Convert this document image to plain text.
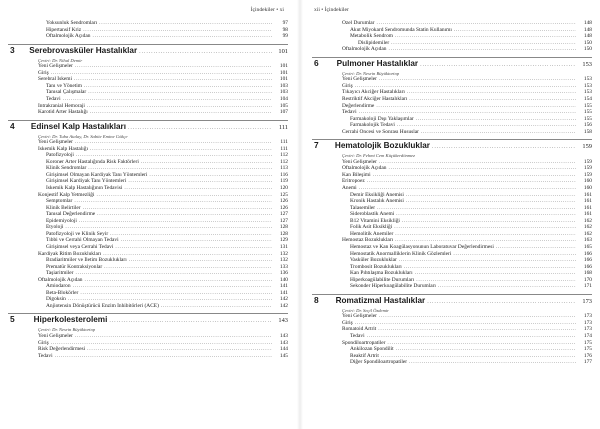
İçindekiler • xi
Yoksunluk Sendromları . . .	97
Hipertansif Kriz . . .	98
Oftalmolojik Açıdan . . .	99
3	Serebrovasküler Hastalıklar . . .	101
Çeviri: Dr. Nihal Demir
Yeni Gelişmeler . . .	101
Giriş . . .	101
Serebral İskemi . . .	101
Tanı ve Yönetim . . .	103
Tanısal Çalışmalar . . .	103
Tedavi . . .	104
İntrakranial Hemoraji . . .	105
Karotid Arter Hastalığı . . .	107
4	Edinsel Kalp Hastalıkları . . .	111
Çeviri: Dr. Tuba Atalay, Dr. Sabite Emine Gökçe
Yeni Gelişmeler . . .	111
İskemik Kalp Hastalığı . . .	111
Patofizyoloji . . .	112
Koroner Arter Hastalığında Risk Faktörleri . . .	112
Klinik Sendromlar . . .	113
Girişimsel Olmayan Kardiyak Tanı Yöntemleri . . .	116
Girişimsel Kardiyak Tanı Yöntemleri . . .	119
İskemik Kalp Hastalığının Tedavisi . . .	120
Konjestif Kalp Yetmezliği . . .	125
Semptomlar . . .	126
Klinik Belirtiler . . .	126
Tanısal Değerlendirme . . .	127
Epidemiyoloji . . .	127
Etyoloji . . .	128
Patofizyoloji ve Klinik Seyir . . .	128
Tıbbi ve Cerrahi Olmayan Tedavi . . .	129
Girişimsel veya Cerrahi Tedavi . . .	131
Kardiyak Ritim Bozuklukları . . .	132
Bradiaritmiler ve İletim Bozuklukları . . .	132
Prematür Kontraksiyonlar . . .	133
Taşiaritmiler . . .	136
Oftalmolojik Açıdan . . .	140
Amiodaron . . .	141
Beta-Blokörler . . .	141
Digoksin . . .	142
Anjiotensin Dönüştürücü Enzim İnhibitörleri (ACE) . . .	142
5	Hiperkolesterolemi . . .	143
Çeviri: Dr. Nesrin Büyüktortop
Yeni Gelişmeler . . .	143
Giriş . . .	143
Risk Değerlendirmesi . . .	144
Tedavi . . .	145
xii • İçindekiler
Özel Durumlar . . .	148
Akut Miyokard Sendromunda Statin Kullanımı . . .	148
Metabolik Sendrom . . .	148
Dislipidemiler . . .	150
Oftalmolojik Açıdan . . .	150
6	Pulmoner Hastalıklar . . .	153
Çeviri: Dr. Nesrin Büyüktortop
Yeni Gelişmeler . . .	153
Giriş . . .	153
Tıkayıcı Akciğer Hastalıkları . . .	153
Restriktif Akciğer Hastalıkları . . .	154
Değerlendirme . . .	155
Tedavi . . .	155
Farmakoloji Dışı Yaklaşımlar . . .	155
Farmakolojik Tedavi . . .	156
Cerrahi Öncesi ve Sonrası Hususlar . . .	158
7	Hematolojik Bozukluklar . . .	159
Çeviri: Dr. Fehmi Cem Küçükerdönmez
Yeni Gelişmeler . . .	159
Oftalmolojik Açıdan . . .	159
Kan Bileşimi . . .	159
Eritropoez . . .	160
Anemi . . .	160
Demir Eksikliği Anemisi . . .	161
Kronik Hastalık Anemisi . . .	161
Talasemiler . . .	161
Sideroblastik Anemi . . .	161
B12 Vitamini Eksikliği . . .	162
Folik Asit Eksikliği . . .	162
Hemolitik Anemiler . . .	162
Hemostaz Bozuklukları . . .	163
Hemostaz ve Kan Koagülasyonunun Laboratuvar Değerlendirmesi . . .	165
Hemostatik Anormalliklerin Klinik Gözlemleri . . .	166
Vasküler Bozukluklar . . .	166
Trombosit Bozuklukları . . .	166
Kan Pıhtılaşma Bozuklukları . . .	168
Hiperkoagülabilite Durumları . . .	170
Sekonder Hiperkoagülabilite Durumları . . .	171
8	Romatizmal Hastalıklar . . .	173
Çeviri: Dr. Seçil Özdemir
Yeni Gelişmeler . . .	173
Giriş . . .	173
Romatoid Artrit . . .	173
Tedavi . . .	174
Spondiloartropatiler . . .	175
Ankilozan Spondilit . . .	175
Reaktif Artrit . . .	176
Diğer Spondiloartropatiler . . .	177
